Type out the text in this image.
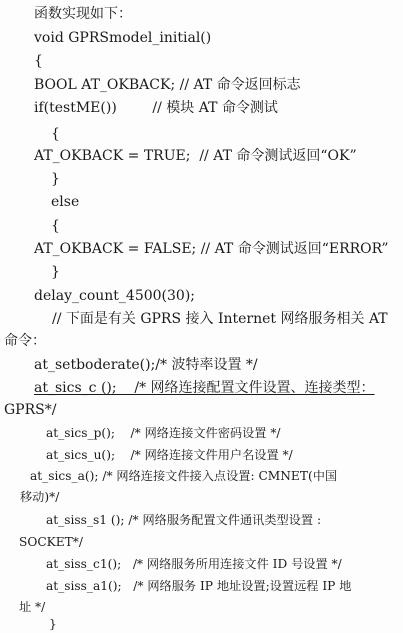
函数实现如下：
void GPRSmodel_initial()
{
BOOL AT_OKBACK; // AT 命令返回标志
if(testME())        // 模块 AT 命令测试
{
AT_OKBACK = TRUE;  // AT 命令测试返回“OK”
}
else
{
AT_OKBACK = FALSE; // AT 命令测试返回“ERROR”
}
delay_count_4500(30);
// 下面是有关 GPRS 接入 Internet 网络服务相关 AT
命令：
at_setboderate();/* 波特率设置 */
at_sics_c ();    /* 网络连接配置文件设置、连接类型：
GPRS*/
at_sics_p();    /* 网络连接文件密码设置 */
at_sics_u();    /* 网络连接文件用户名设置 */
at_sics_a(); /* 网络连接文件接入点设置: CMNET(中国
移动)*/
at_siss_s1 (); /* 网络服务配置文件通讯类型设置 :
SOCKET*/
at_siss_c1();   /* 网络服务所用连接文件 ID 号设置 */
at_siss_a1();   /* 网络服务 IP 地址设置;设置远程 IP 地
址 */
}
